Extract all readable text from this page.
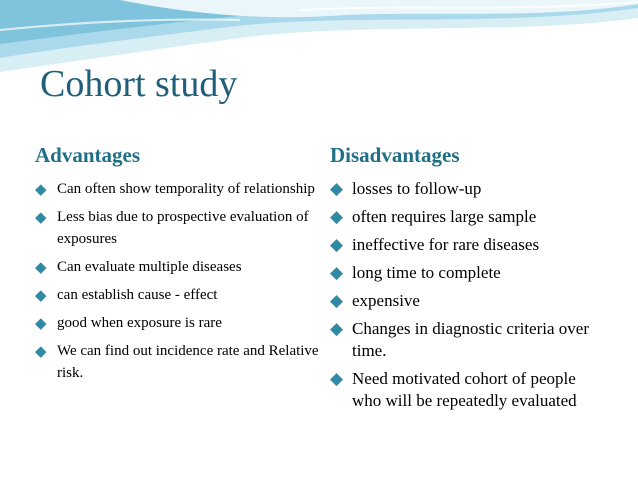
Cohort study
Advantages	Disadvantages
◆ Can often show temporality of relationship
◆ Less bias due to prospective evaluation of exposures
◆ Can evaluate multiple diseases
◆ can establish cause - effect
◆ good when exposure is rare
◆ We can find out incidence rate and Relative risk.
◆ losses to follow-up
◆ often requires large sample
◆ ineffective for rare diseases
◆ long time to complete
◆ expensive
◆ Changes in diagnostic criteria over time.
◆ Need motivated cohort of people who will be repeatedly evaluated
